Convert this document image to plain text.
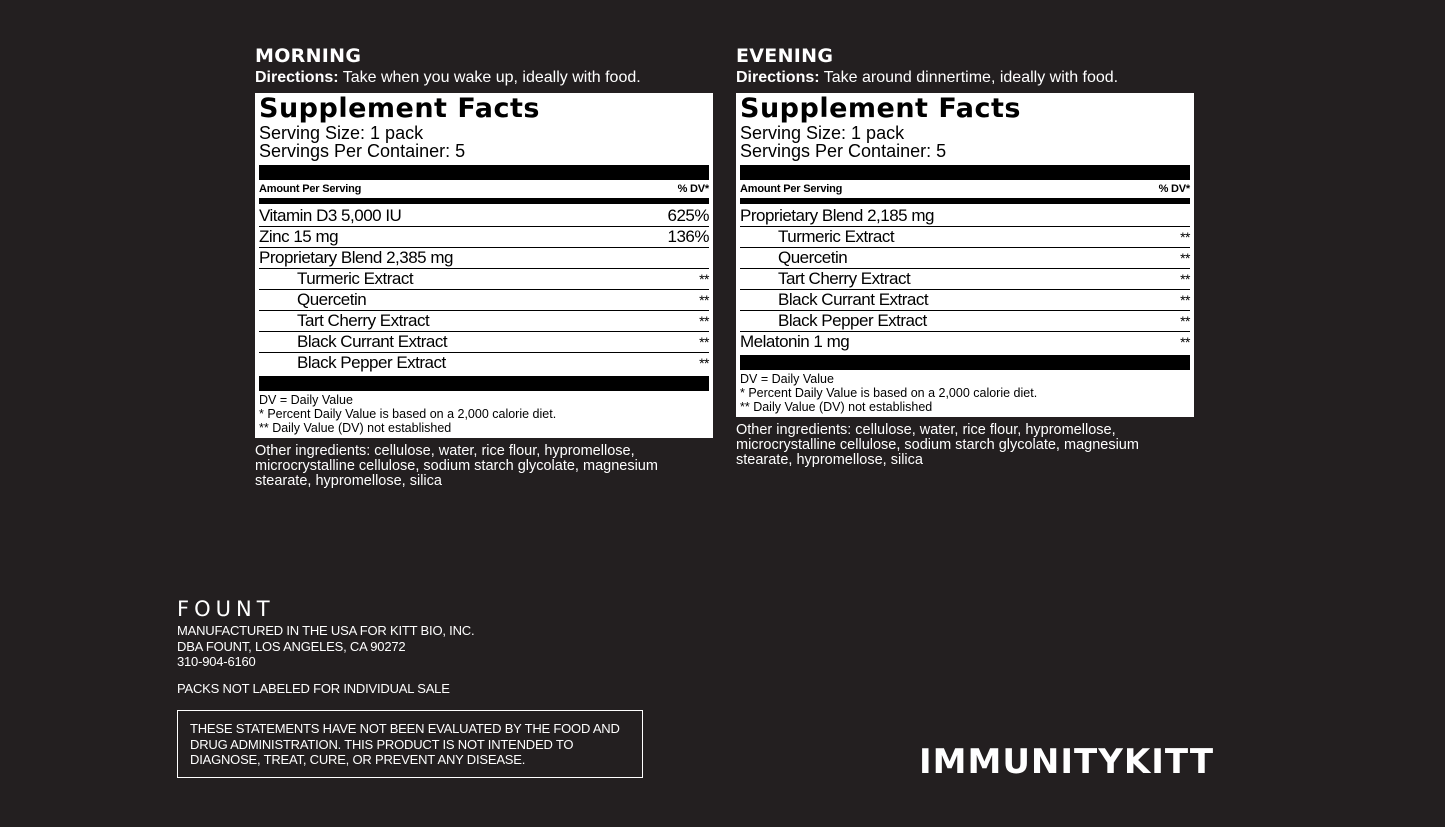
MORNING
Directions: Take when you wake up, ideally with food.
Supplement Facts
Serving Size: 1 pack
Servings Per Container: 5
Amount Per Serving	% DV*
Vitamin D3 5,000 IU	625%
Zinc 15 mg	136%
Proprietary Blend 2,385 mg
Turmeric Extract	**
Quercetin	**
Tart Cherry Extract	**
Black Currant Extract	**
Black Pepper Extract	**
DV = Daily Value
* Percent Daily Value is based on a 2,000 calorie diet.
** Daily Value (DV) not established
Other ingredients: cellulose, water, rice flour, hypromellose, microcrystalline cellulose, sodium starch glycolate, magnesium stearate, hypromellose, silica
EVENING
Directions: Take around dinnertime, ideally with food.
Supplement Facts
Serving Size: 1 pack
Servings Per Container: 5
Amount Per Serving	% DV*
Proprietary Blend 2,185 mg
Turmeric Extract	**
Quercetin	**
Tart Cherry Extract	**
Black Currant Extract	**
Black Pepper Extract	**
Melatonin 1 mg	**
DV = Daily Value
* Percent Daily Value is based on a 2,000 calorie diet.
** Daily Value (DV) not established
Other ingredients: cellulose, water, rice flour, hypromellose, microcrystalline cellulose, sodium starch glycolate, magnesium stearate, hypromellose, silica
FOUNT
MANUFACTURED IN THE USA FOR KITT BIO, INC.
DBA FOUNT, LOS ANGELES, CA 90272
310-904-6160
PACKS NOT LABELED FOR INDIVIDUAL SALE
THESE STATEMENTS HAVE NOT BEEN EVALUATED BY THE FOOD AND
DRUG ADMINISTRATION. THIS PRODUCT IS NOT INTENDED TO
DIAGNOSE, TREAT, CURE, OR PREVENT ANY DISEASE.	IMMUNITYKITT
